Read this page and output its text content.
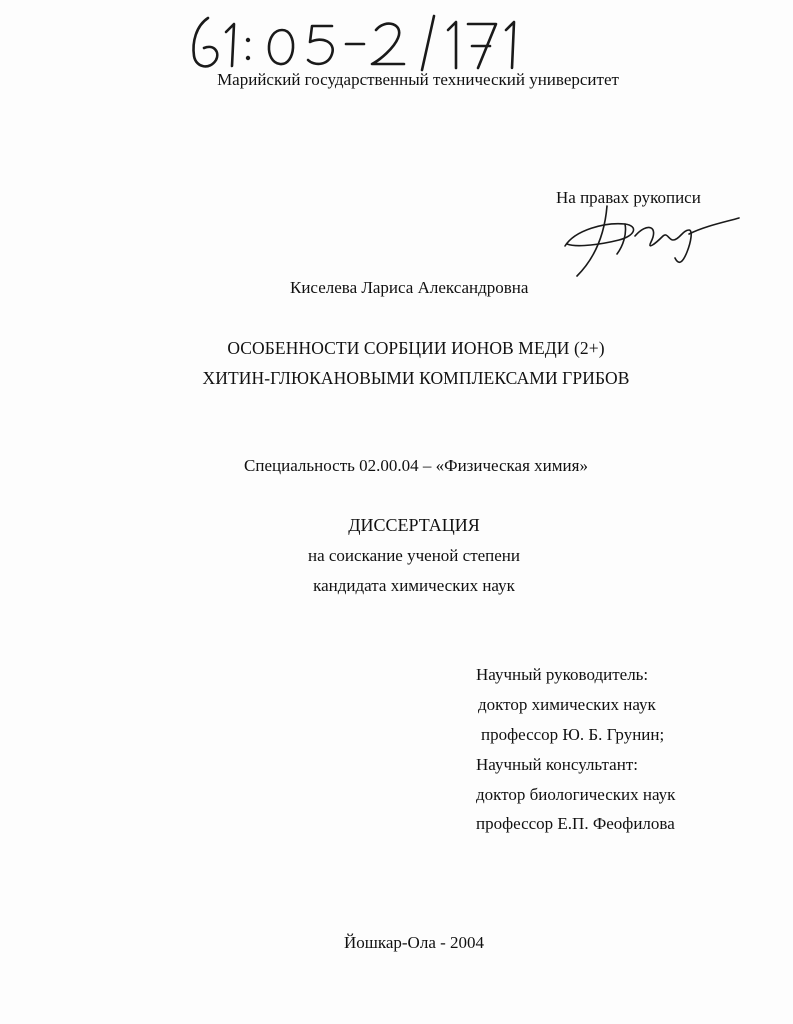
Марийский государственный технический университет
На правах рукописи
Киселева Лариса Александровна
ОСОБЕННОСТИ СОРБЦИИ ИОНОВ МЕДИ (2+)
ХИТИН-ГЛЮКАНОВЫМИ КОМПЛЕКСАМИ ГРИБОВ
Специальность 02.00.04 – «Физическая химия»
ДИССЕРТАЦИЯ
на соискание ученой степени
кандидата химических наук
Научный руководитель:
доктор химических наук
профессор Ю. Б. Грунин;
Научный консультант:
доктор биологических наук
профессор Е.П. Феофилова
Йошкар-Ола - 2004
